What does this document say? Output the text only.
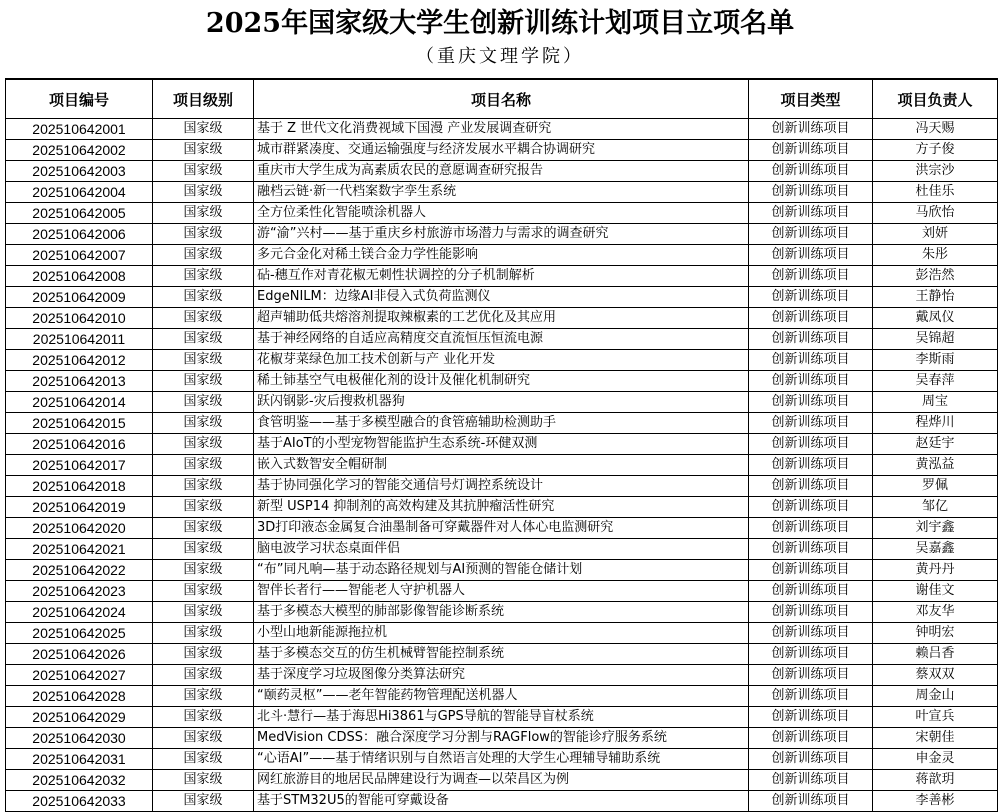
2025年国家级大学生创新训练计划项目立项名单
（重庆文理学院）
项目编号	项目级别	项目名称	项目类型	项目负责人
202510642001	国家级	基于 Z 世代文化消费视域下国漫 产业发展调查研究	创新训练项目	冯天赐
202510642002	国家级	城市群紧凑度、交通运输强度与经济发展水平耦合协调研究	创新训练项目	方子俊
202510642003	国家级	重庆市大学生成为高素质农民的意愿调查研究报告	创新训练项目	洪宗沙
202510642004	国家级	融档云链·新一代档案数字孪生系统	创新训练项目	杜佳乐
202510642005	国家级	全方位柔性化智能喷涂机器人	创新训练项目	马欣怡
202510642006	国家级	游“渝”兴村——基于重庆乡村旅游市场潜力与需求的调查研究	创新训练项目	刘妍
202510642007	国家级	多元合金化对稀土镁合金力学性能影响	创新训练项目	朱彤
202510642008	国家级	砧-穗互作对青花椒无刺性状调控的分子机制解析	创新训练项目	彭浩然
202510642009	国家级	EdgeNILM：边缘AI非侵入式负荷监测仪	创新训练项目	王静怡
202510642010	国家级	超声辅助低共熔溶剂提取辣椒素的工艺优化及其应用	创新训练项目	戴凤仪
202510642011	国家级	基于神经网络的自适应高精度交直流恒压恒流电源	创新训练项目	吴锦超
202510642012	国家级	花椒芽菜绿色加工技术创新与产 业化开发	创新训练项目	李斯雨
202510642013	国家级	稀土铈基空气电极催化剂的设计及催化机制研究	创新训练项目	吴春萍
202510642014	国家级	跃闪钢影-灾后搜救机器狗	创新训练项目	周宝
202510642015	国家级	食管明鉴——基于多模型融合的食管癌辅助检测助手	创新训练项目	程烨川
202510642016	国家级	基于AIoT的小型宠物智能监护生态系统-环健双测	创新训练项目	赵廷宇
202510642017	国家级	嵌入式数智安全帽研制	创新训练项目	黄泓益
202510642018	国家级	基于协同强化学习的智能交通信号灯调控系统设计	创新训练项目	罗佩
202510642019	国家级	新型 USP14 抑制剂的高效构建及其抗肿瘤活性研究	创新训练项目	邹亿
202510642020	国家级	3D打印液态金属复合油墨制备可穿戴器件对人体心电监测研究	创新训练项目	刘宇鑫
202510642021	国家级	脑电波学习状态桌面伴侣	创新训练项目	吴嘉鑫
202510642022	国家级	“布”同凡响—基于动态路径规划与AI预测的智能仓储计划	创新训练项目	黄丹丹
202510642023	国家级	智伴长者行——智能老人守护机器人	创新训练项目	谢佳文
202510642024	国家级	基于多模态大模型的肺部影像智能诊断系统	创新训练项目	邓友华
202510642025	国家级	小型山地新能源拖拉机	创新训练项目	钟明宏
202510642026	国家级	基于多模态交互的仿生机械臂智能控制系统	创新训练项目	赖吕香
202510642027	国家级	基于深度学习垃圾图像分类算法研究	创新训练项目	蔡双双
202510642028	国家级	“颐药灵枢”——老年智能药物管理配送机器人	创新训练项目	周金山
202510642029	国家级	北斗·慧行—基于海思Hi3861与GPS导航的智能导盲杖系统	创新训练项目	叶宣兵
202510642030	国家级	MedVision CDSS：融合深度学习分割与RAGFlow的智能诊疗服务系统	创新训练项目	宋朝佳
202510642031	国家级	“心语AI”——基于情绪识别与自然语言处理的大学生心理辅导辅助系统	创新训练项目	申金灵
202510642032	国家级	网红旅游目的地居民品牌建设行为调查—以荣昌区为例	创新训练项目	蒋歆玥
202510642033	国家级	基于STM32U5的智能可穿戴设备	创新训练项目	李善彬
